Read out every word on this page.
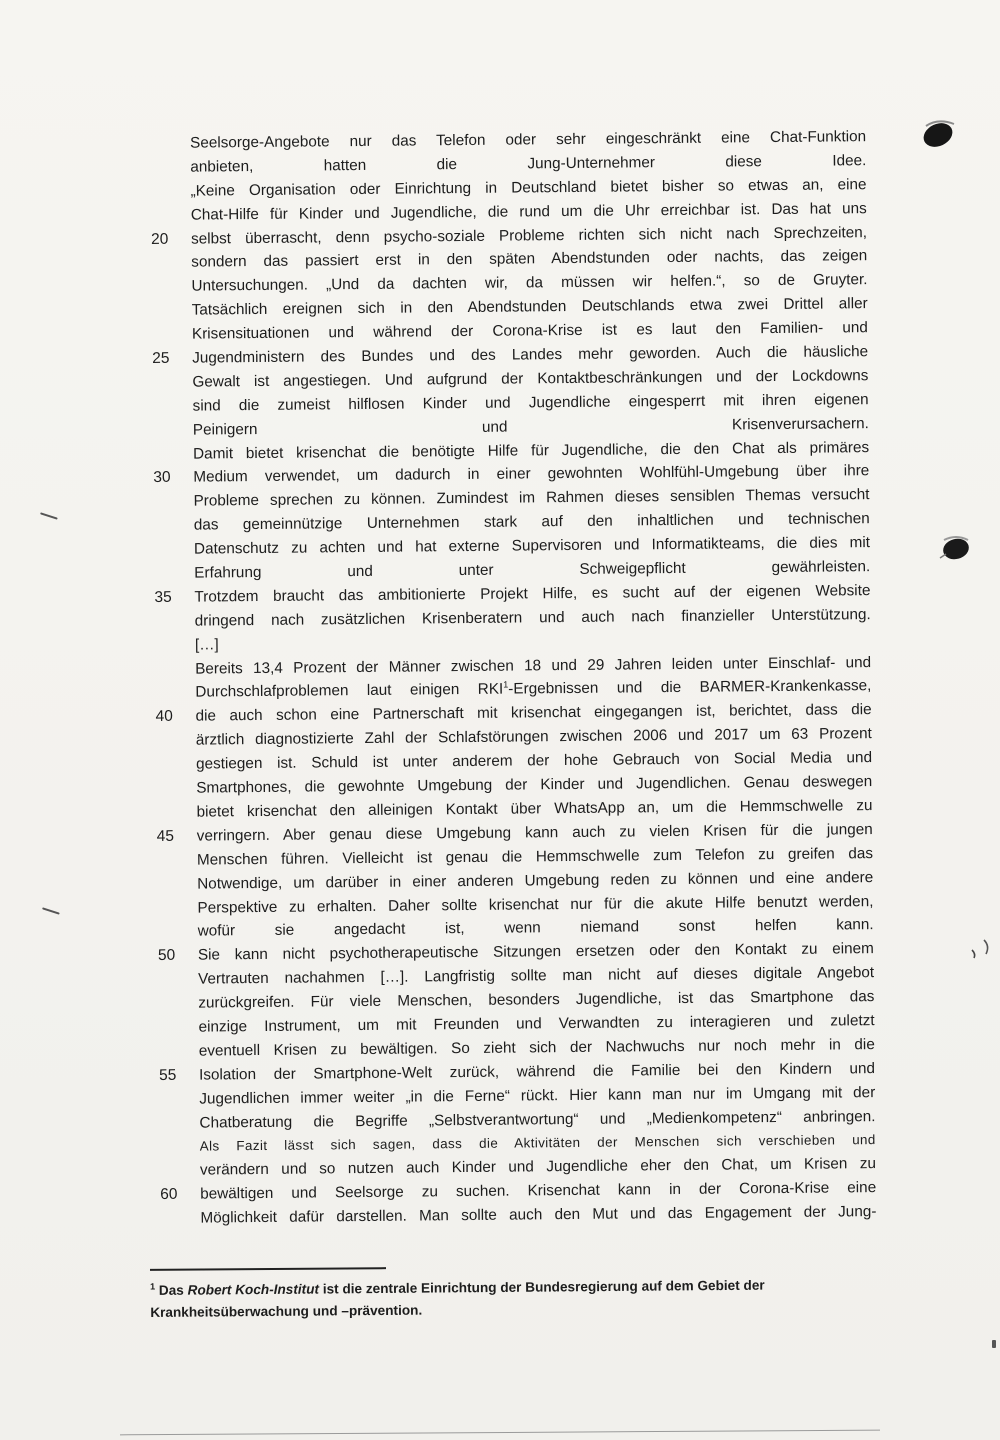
Seelsorge-Angebote nur das Telefon oder sehr eingeschränkt eine Chat-Funktion
anbieten, hatten die Jung-Unternehmer diese Idee.
„Keine Organisation oder Einrichtung in Deutschland bietet bisher so etwas an, eine
Chat-Hilfe für Kinder und Jugendliche, die rund um die Uhr erreichbar ist. Das hat uns
20	selbst überrascht, denn psycho-soziale Probleme richten sich nicht nach Sprechzeiten,
sondern das passiert erst in den späten Abendstunden oder nachts, das zeigen
Untersuchungen. „Und da dachten wir, da müssen wir helfen.“, so de Gruyter.
Tatsächlich ereignen sich in den Abendstunden Deutschlands etwa zwei Drittel aller
Krisensituationen und während der Corona-Krise ist es laut den Familien- und
25	Jugendministern des Bundes und des Landes mehr geworden. Auch die häusliche
Gewalt ist angestiegen. Und aufgrund der Kontaktbeschränkungen und der Lockdowns
sind die zumeist hilflosen Kinder und Jugendliche eingesperrt mit ihren eigenen
Peinigern und Krisenverursachern.
Damit bietet krisenchat die benötigte Hilfe für Jugendliche, die den Chat als primäres
30	Medium verwendet, um dadurch in einer gewohnten Wohlfühl-Umgebung über ihre
Probleme sprechen zu können. Zumindest im Rahmen dieses sensiblen Themas versucht
das gemeinnützige Unternehmen stark auf den inhaltlichen und technischen
Datenschutz zu achten und hat externe Supervisoren und Informatikteams, die dies mit
Erfahrung und unter Schweigepflicht gewährleisten.
35	Trotzdem braucht das ambitionierte Projekt Hilfe, es sucht auf der eigenen Website
dringend nach zusätzlichen Krisenberatern und auch nach finanzieller Unterstützung.
[…]
Bereits 13,4 Prozent der Männer zwischen 18 und 29 Jahren leiden unter Einschlaf- und
Durchschlafproblemen laut einigen RKI$^1$-Ergebnissen und die BARMER-Krankenkasse,
40	die auch schon eine Partnerschaft mit krisenchat eingegangen ist, berichtet, dass die
ärztlich diagnostizierte Zahl der Schlafstörungen zwischen 2006 und 2017 um 63 Prozent
gestiegen ist. Schuld ist unter anderem der hohe Gebrauch von Social Media und
Smartphones, die gewohnte Umgebung der Kinder und Jugendlichen. Genau deswegen
bietet krisenchat den alleinigen Kontakt über WhatsApp an, um die Hemmschwelle zu
45	verringern. Aber genau diese Umgebung kann auch zu vielen Krisen für die jungen
Menschen führen. Vielleicht ist genau die Hemmschwelle zum Telefon zu greifen das
Notwendige, um darüber in einer anderen Umgebung reden zu können und eine andere
Perspektive zu erhalten. Daher sollte krisenchat nur für die akute Hilfe benutzt werden,
wofür sie angedacht ist, wenn niemand sonst helfen kann.
50	Sie kann nicht psychotherapeutische Sitzungen ersetzen oder den Kontakt zu einem
Vertrauten nachahmen […]. Langfristig sollte man nicht auf dieses digitale Angebot
zurückgreifen. Für viele Menschen, besonders Jugendliche, ist das Smartphone das
einzige Instrument, um mit Freunden und Verwandten zu interagieren und zuletzt
eventuell Krisen zu bewältigen. So zieht sich der Nachwuchs nur noch mehr in die
55	Isolation der Smartphone-Welt zurück, während die Familie bei den Kindern und
Jugendlichen immer weiter „in die Ferne“ rückt. Hier kann man nur im Umgang mit der
Chatberatung die Begriffe „Selbstverantwortung“ und „Medienkompetenz“ anbringen.
Als Fazit lässt sich sagen, dass die Aktivitäten der Menschen sich verschieben und
verändern und so nutzen auch Kinder und Jugendliche eher den Chat, um Krisen zu
60	bewältigen und Seelsorge zu suchen. Krisenchat kann in der Corona-Krise eine
Möglichkeit dafür darstellen. Man sollte auch den Mut und das Engagement der Jung-
$^1$ Das Robert Koch-Institut ist die zentrale Einrichtung der Bundesregierung auf dem Gebiet der Krankheitsüberwachung und –prävention.
